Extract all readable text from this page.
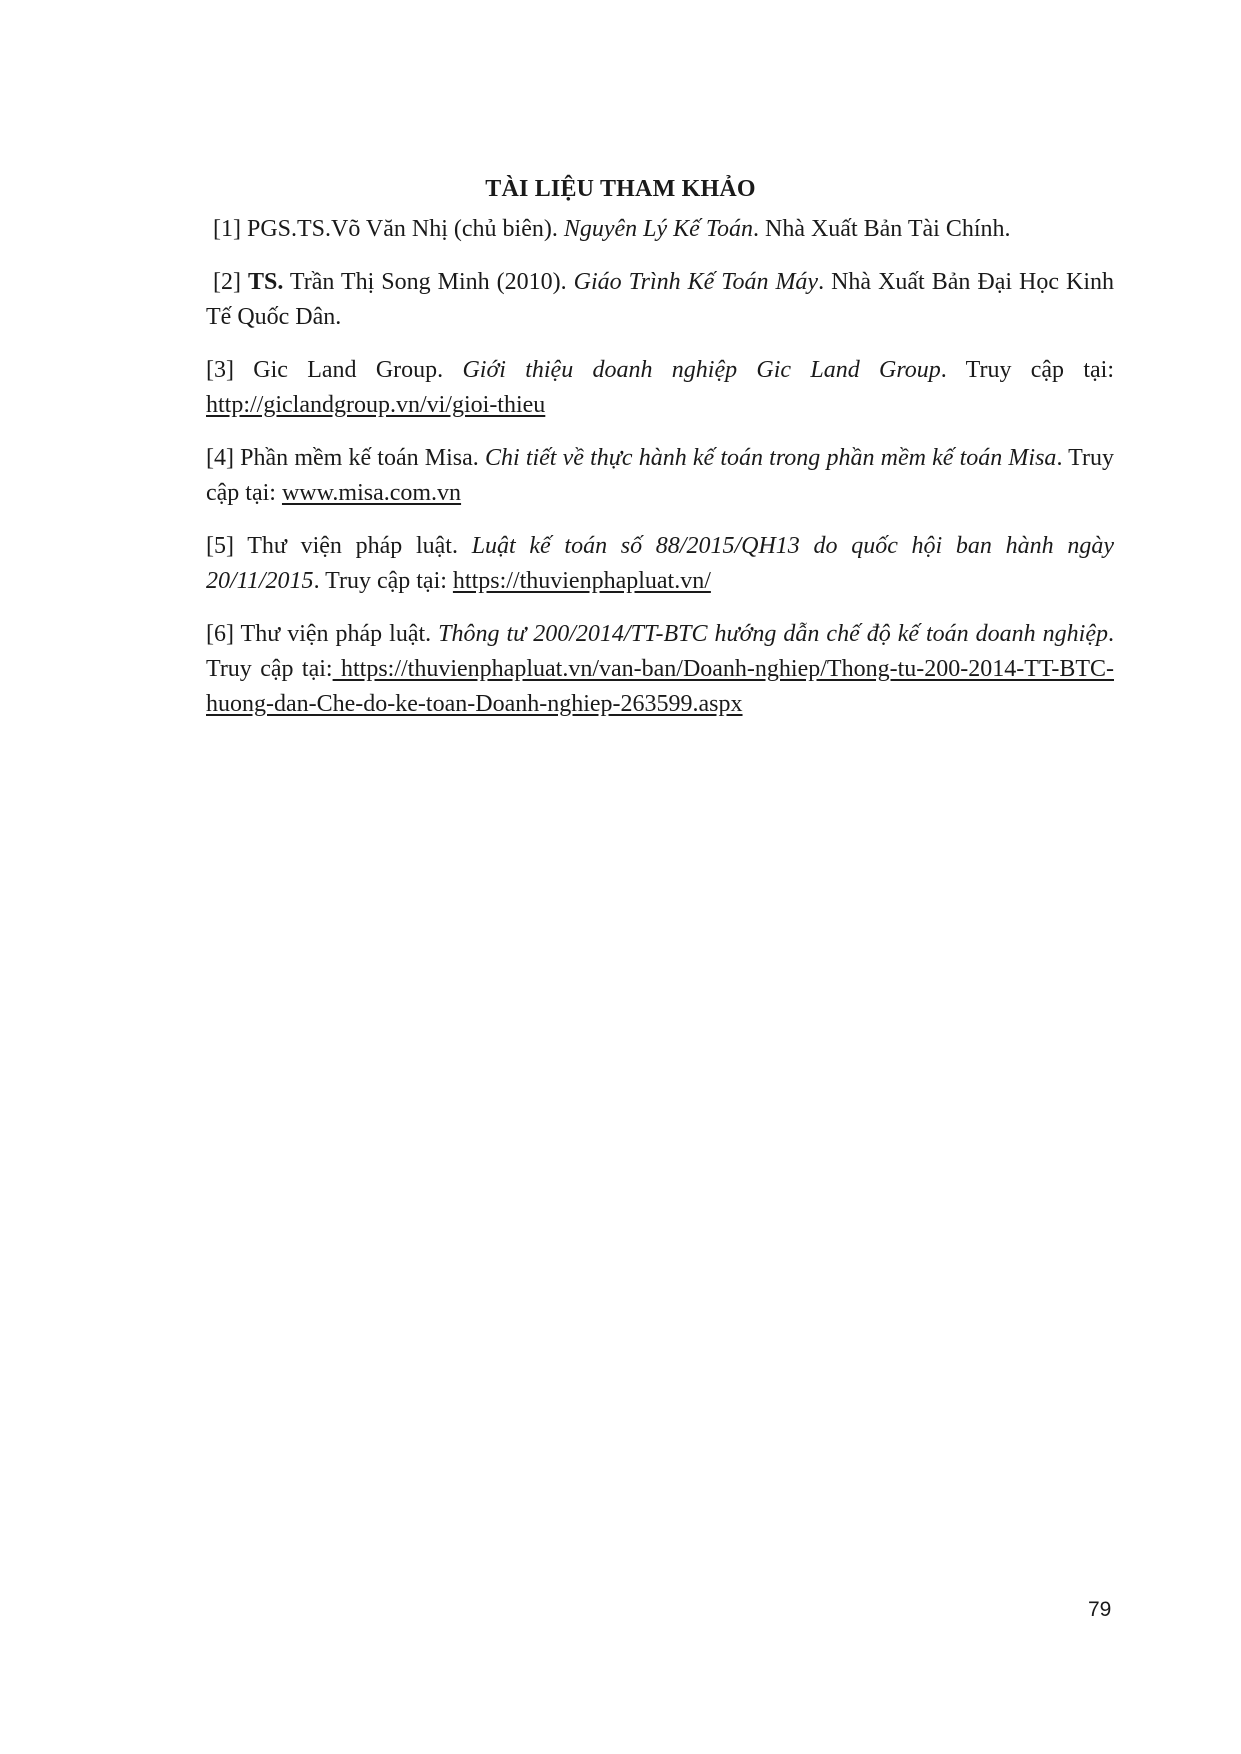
TÀI LIỆU THAM KHẢO

[1] PGS.TS.Võ Văn Nhị (chủ biên). Nguyên Lý Kế Toán. Nhà Xuất Bản Tài Chính.

[2] TS. Trần Thị Song Minh (2010). Giáo Trình Kế Toán Máy. Nhà Xuất Bản Đại Học Kinh Tế Quốc Dân.

[3] Gic Land Group. Giới thiệu doanh nghiệp Gic Land Group. Truy cập tại: http://giclandgroup.vn/vi/gioi-thieu

[4] Phần mềm kế toán Misa. Chi tiết về thực hành kế toán trong phần mềm kế toán Misa. Truy cập tại: www.misa.com.vn

[5] Thư viện pháp luật. Luật kế toán số 88/2015/QH13 do quốc hội ban hành ngày 20/11/2015. Truy cập tại: https://thuvienphapluat.vn/

[6] Thư viện pháp luật. Thông tư 200/2014/TT-BTC hướng dẫn chế độ kế toán doanh nghiệp. Truy cập tại: https://thuvienphapluat.vn/van-ban/Doanh-nghiep/Thong-tu-200-2014-TT-BTC-huong-dan-Che-do-ke-toan-Doanh-nghiep-263599.aspx

79
